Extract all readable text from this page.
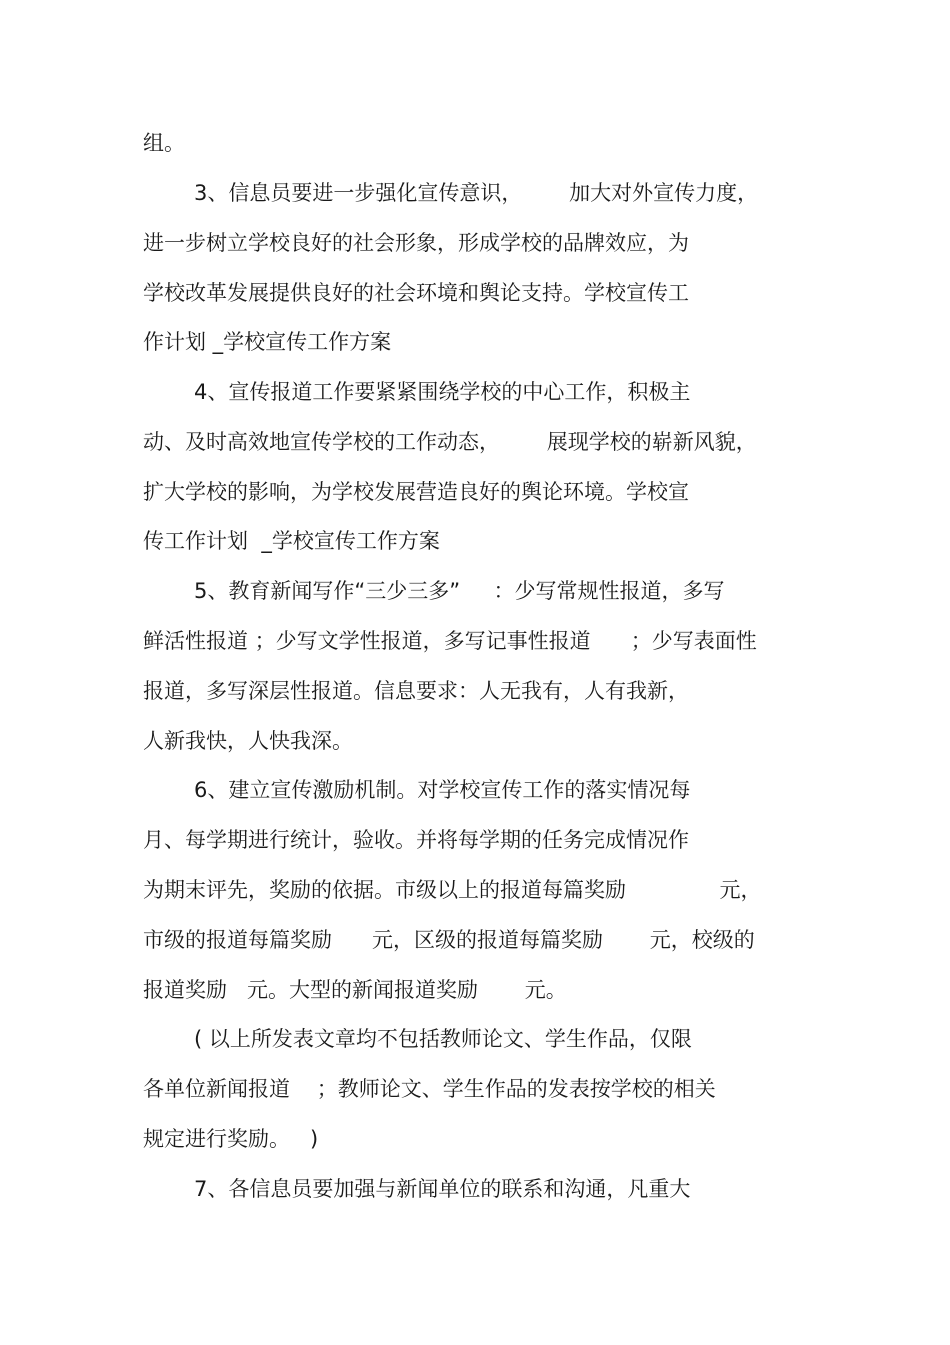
组。

3、信息员要进一步强化宣传意识，       加大对外宣传力度，

进一步树立学校良好的社会形象，形成学校的品牌效应，为

学校改革发展提供良好的社会环境和舆论支持。学校宣传工

作计划 _学校宣传工作方案

4、宣传报道工作要紧紧围绕学校的中心工作，积极主

动、及时高效地宣传学校的工作动态，       展现学校的崭新风貌，

扩大学校的影响，为学校发展营造良好的舆论环境。学校宣

传工作计划  _学校宣传工作方案

5、教育新闻写作“三少三多”     ：少写常规性报道，多写

鲜活性报道 ；少写文学性报道，多写记事性报道      ；少写表面性

报道，多写深层性报道。信息要求：人无我有，人有我新，

人新我快，人快我深。

6、建立宣传激励机制。对学校宣传工作的落实情况每

月、每学期进行统计，验收。并将每学期的任务完成情况作

为期末评先，奖励的依据。市级以上的报道每篇奖励              元，

市级的报道每篇奖励      元，区级的报道每篇奖励       元，校级的

报道奖励   元。大型的新闻报道奖励       元。

( 以上所发表文章均不包括教师论文、学生作品，仅限

各单位新闻报道    ；教师论文、学生作品的发表按学校的相关

规定进行奖励。   )

7、各信息员要加强与新闻单位的联系和沟通，凡重大
